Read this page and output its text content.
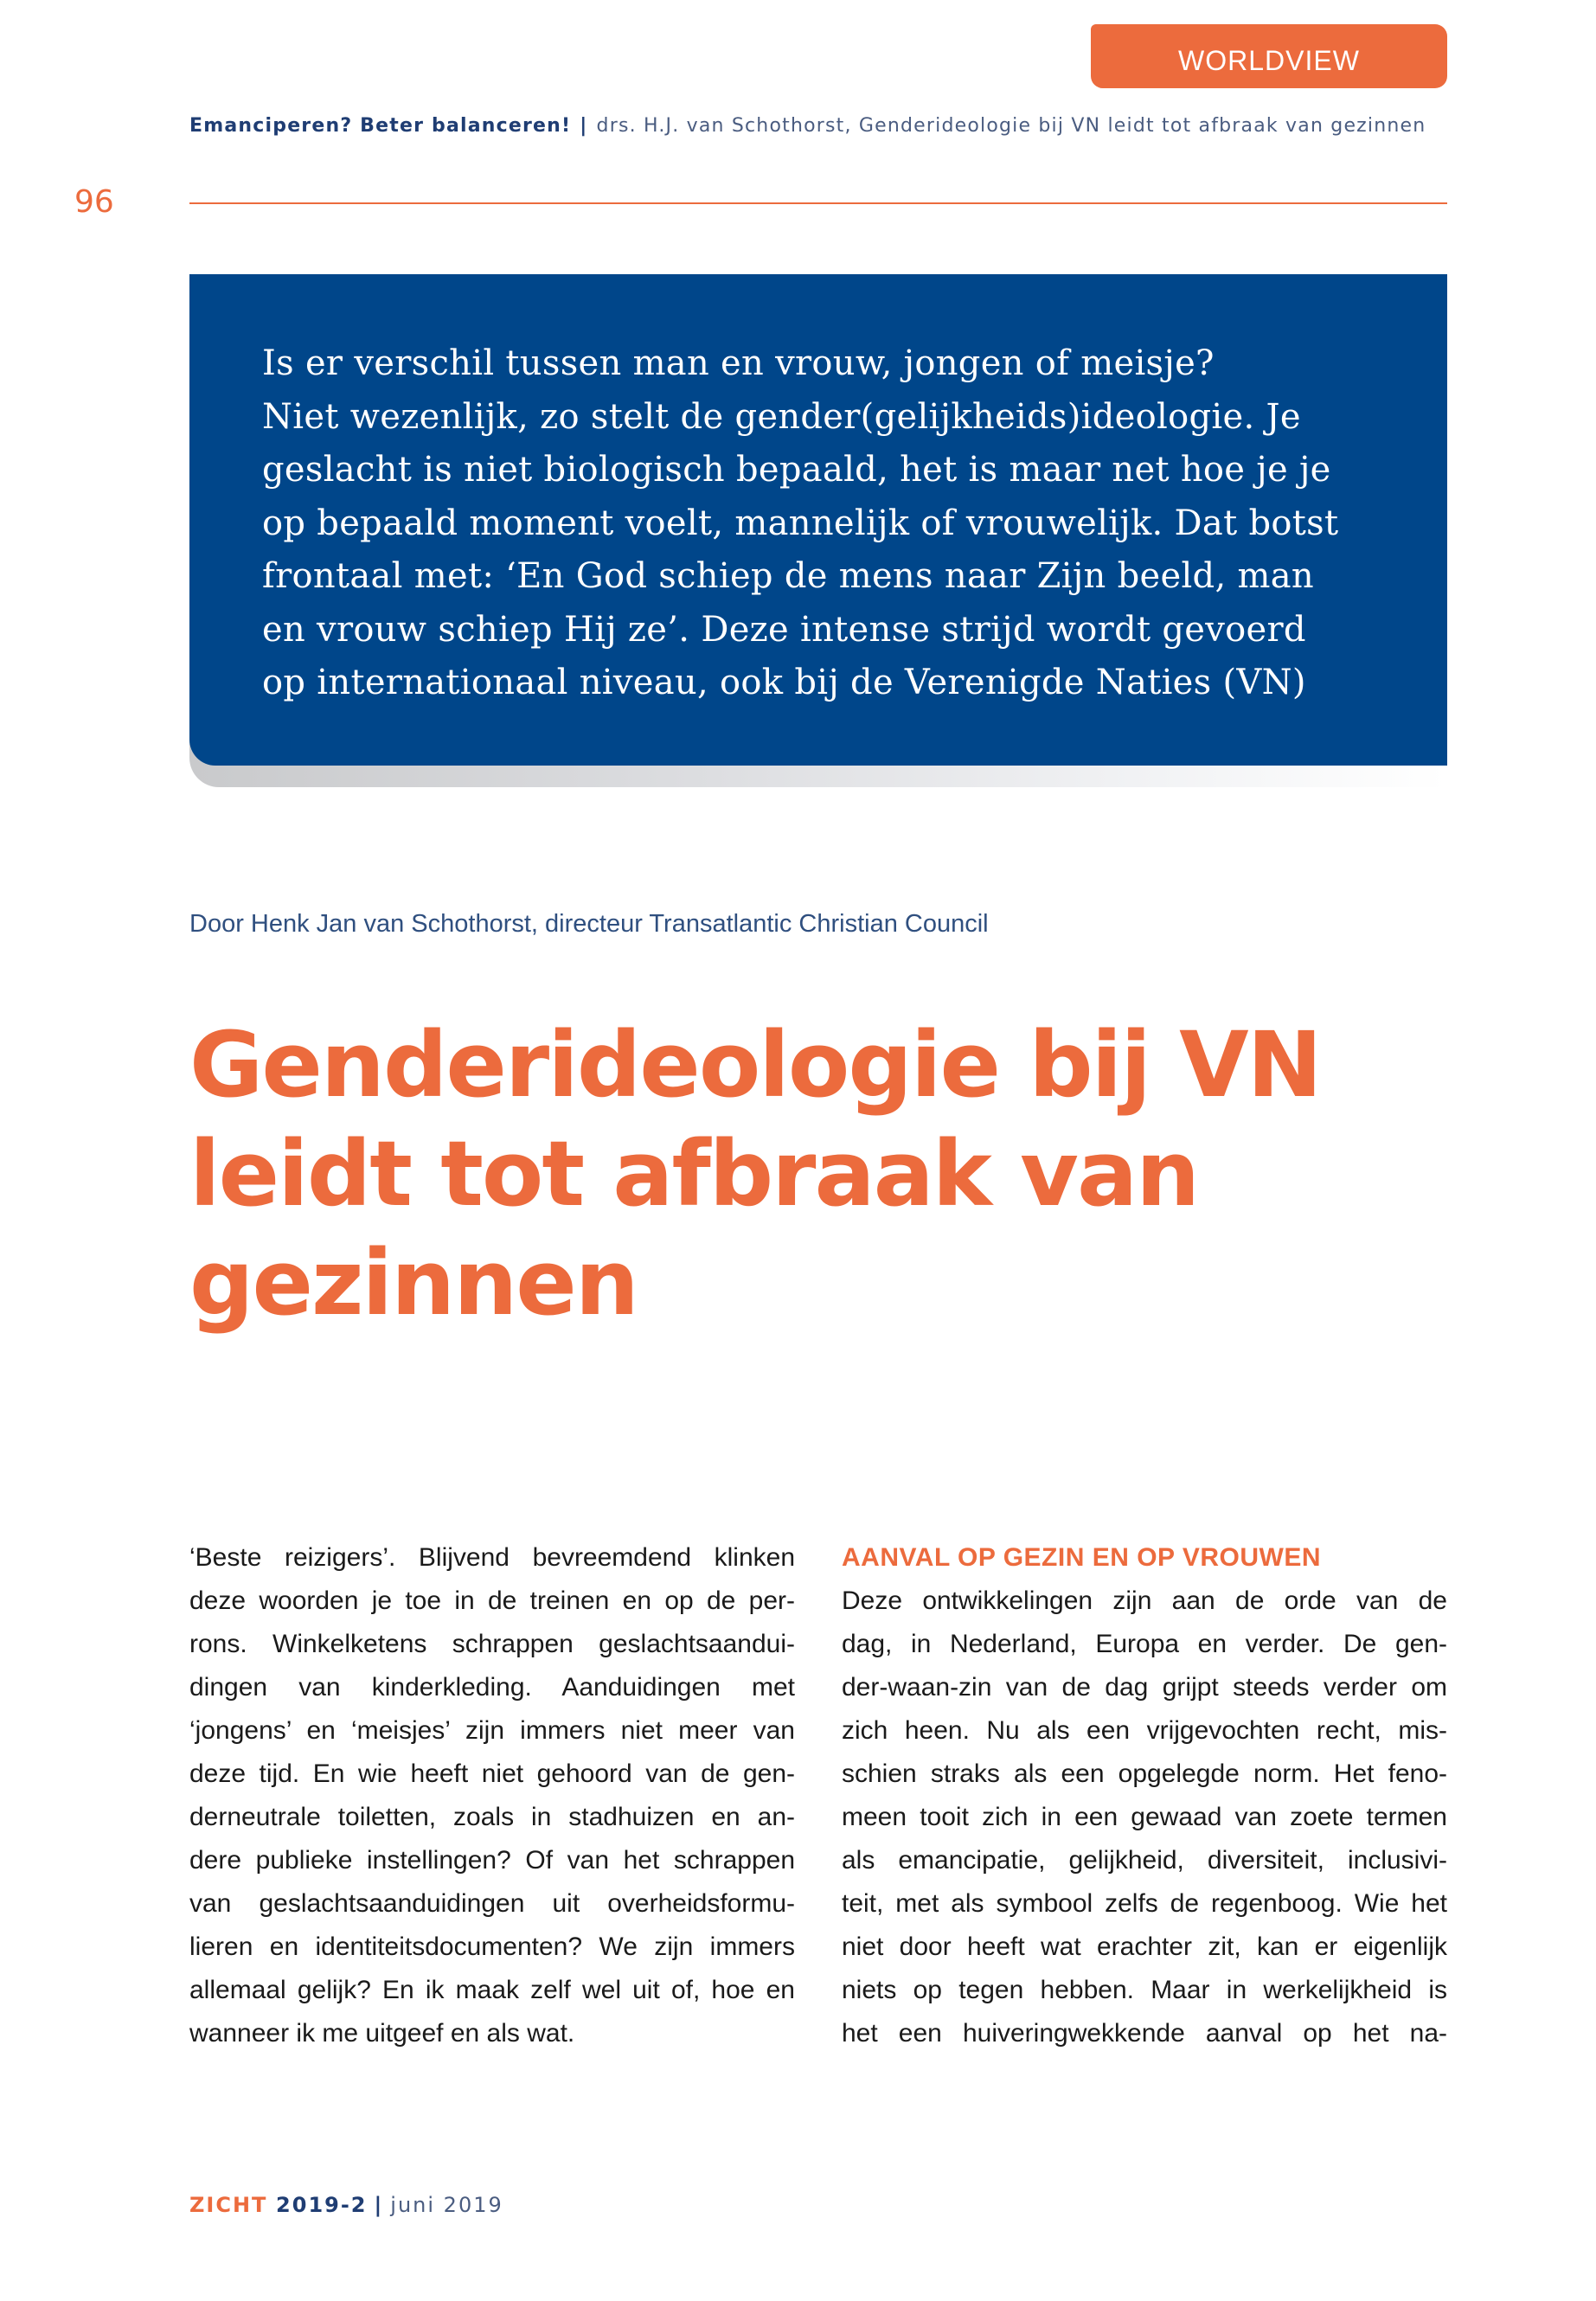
WORLDVIEW
Emanciperen? Beter balanceren! | drs. H.J. van Schothorst, Genderideologie bij VN leidt tot afbraak van gezinnen
96
Is er verschil tussen man en vrouw, jongen of meisje?
Niet wezenlijk, zo stelt de gender(gelijkheids)ideologie. Je
geslacht is niet biologisch bepaald, het is maar net hoe je je
op bepaald moment voelt, mannelijk of vrouwelijk. Dat botst
frontaal met: ‘En God schiep de mens naar Zijn beeld, man
en vrouw schiep Hij ze’. Deze intense strijd wordt gevoerd
op internationaal niveau, ook bij de Verenigde Naties (VN)
Door Henk Jan van Schothorst, directeur Transatlantic Christian Council
Genderideologie bij VN
leidt tot afbraak van
gezinnen
‘Beste reizigers’. Blijvend bevreemdend klinken
deze woorden je toe in de treinen en op de per-
rons. Winkelketens schrappen geslachtsaandui-
dingen van kinderkleding. Aanduidingen met
‘jongens’ en ‘meisjes’ zijn immers niet meer van
deze tijd. En wie heeft niet gehoord van de gen-
derneutrale toiletten, zoals in stadhuizen en an-
dere publieke instellingen? Of van het schrappen
van geslachtsaanduidingen uit overheidsformu-
lieren en identiteitsdocumenten? We zijn immers
allemaal gelijk? En ik maak zelf wel uit of, hoe en
wanneer ik me uitgeef en als wat.
AANVAL OP GEZIN EN OP VROUWEN
Deze ontwikkelingen zijn aan de orde van de
dag, in Nederland, Europa en verder. De gen-
der-waan-zin van de dag grijpt steeds verder om
zich heen. Nu als een vrijgevochten recht, mis-
schien straks als een opgelegde norm. Het feno-
meen tooit zich in een gewaad van zoete termen
als emancipatie, gelijkheid, diversiteit, inclusivi-
teit, met als symbool zelfs de regenboog. Wie het
niet door heeft wat erachter zit, kan er eigenlijk
niets op tegen hebben. Maar in werkelijkheid is
het een huiveringwekkende aanval op het na-
ZICHT 2019-2 | juni 2019
